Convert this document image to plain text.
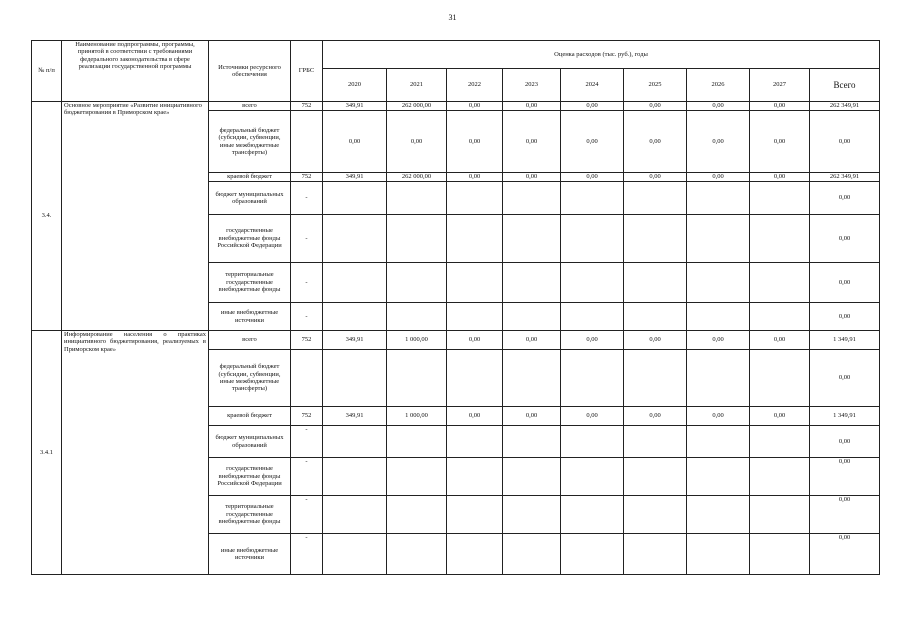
31
№ п/п	Наименование подпрограммы, программы, принятой в соответствии с требованиями федерального законодательства в сфере реализации государственной программы	Источники ресурсного обеспечения	ГРБС	Оценка расходов (тыс. руб.), годы								
				2020	2021	2022	2023	2024	2025	2026	2027	Всего
3.4.	Основное мероприятие «Развитие инициативного бюджетирования в Приморском крае»	всего	752	349,91	262 000,00	0,00	0,00	0,00	0,00	0,00	0,00	262 349,91
		федеральный бюджет (субсидии, субвенции, иные межбюджетные трансферты)		0,00	0,00	0,00	0,00	0,00	0,00	0,00	0,00	0,00
		краевой бюджет	752	349,91	262 000,00	0,00	0,00	0,00	0,00	0,00	0,00	262 349,91
		бюджет муниципальных образований	-									0,00
		государственные внебюджетные фонды Российской Федерации	-									0,00
		территориальные государственные внебюджетные фонды	-									0,00
		иные внебюджетные источники	-									0,00
3.4.1	Информирование населения о практиках инициативного бюджетирования, реализуемых в Приморском крае»	всего	752	349,91	1 000,00	0,00	0,00	0,00	0,00	0,00	0,00	1 349,91
		федеральный бюджет (субсидии, субвенции, иные межбюджетные трансферты)										0,00
		краевой бюджет	752	349,91	1 000,00	0,00	0,00	0,00	0,00	0,00	0,00	1 349,91
		бюджет муниципальных образований	-									0,00
		государственные внебюджетные фонды Российской Федерации	-									0,00
		территориальные государственные внебюджетные фонды	-									0,00
		иные внебюджетные источники	-									0,00
